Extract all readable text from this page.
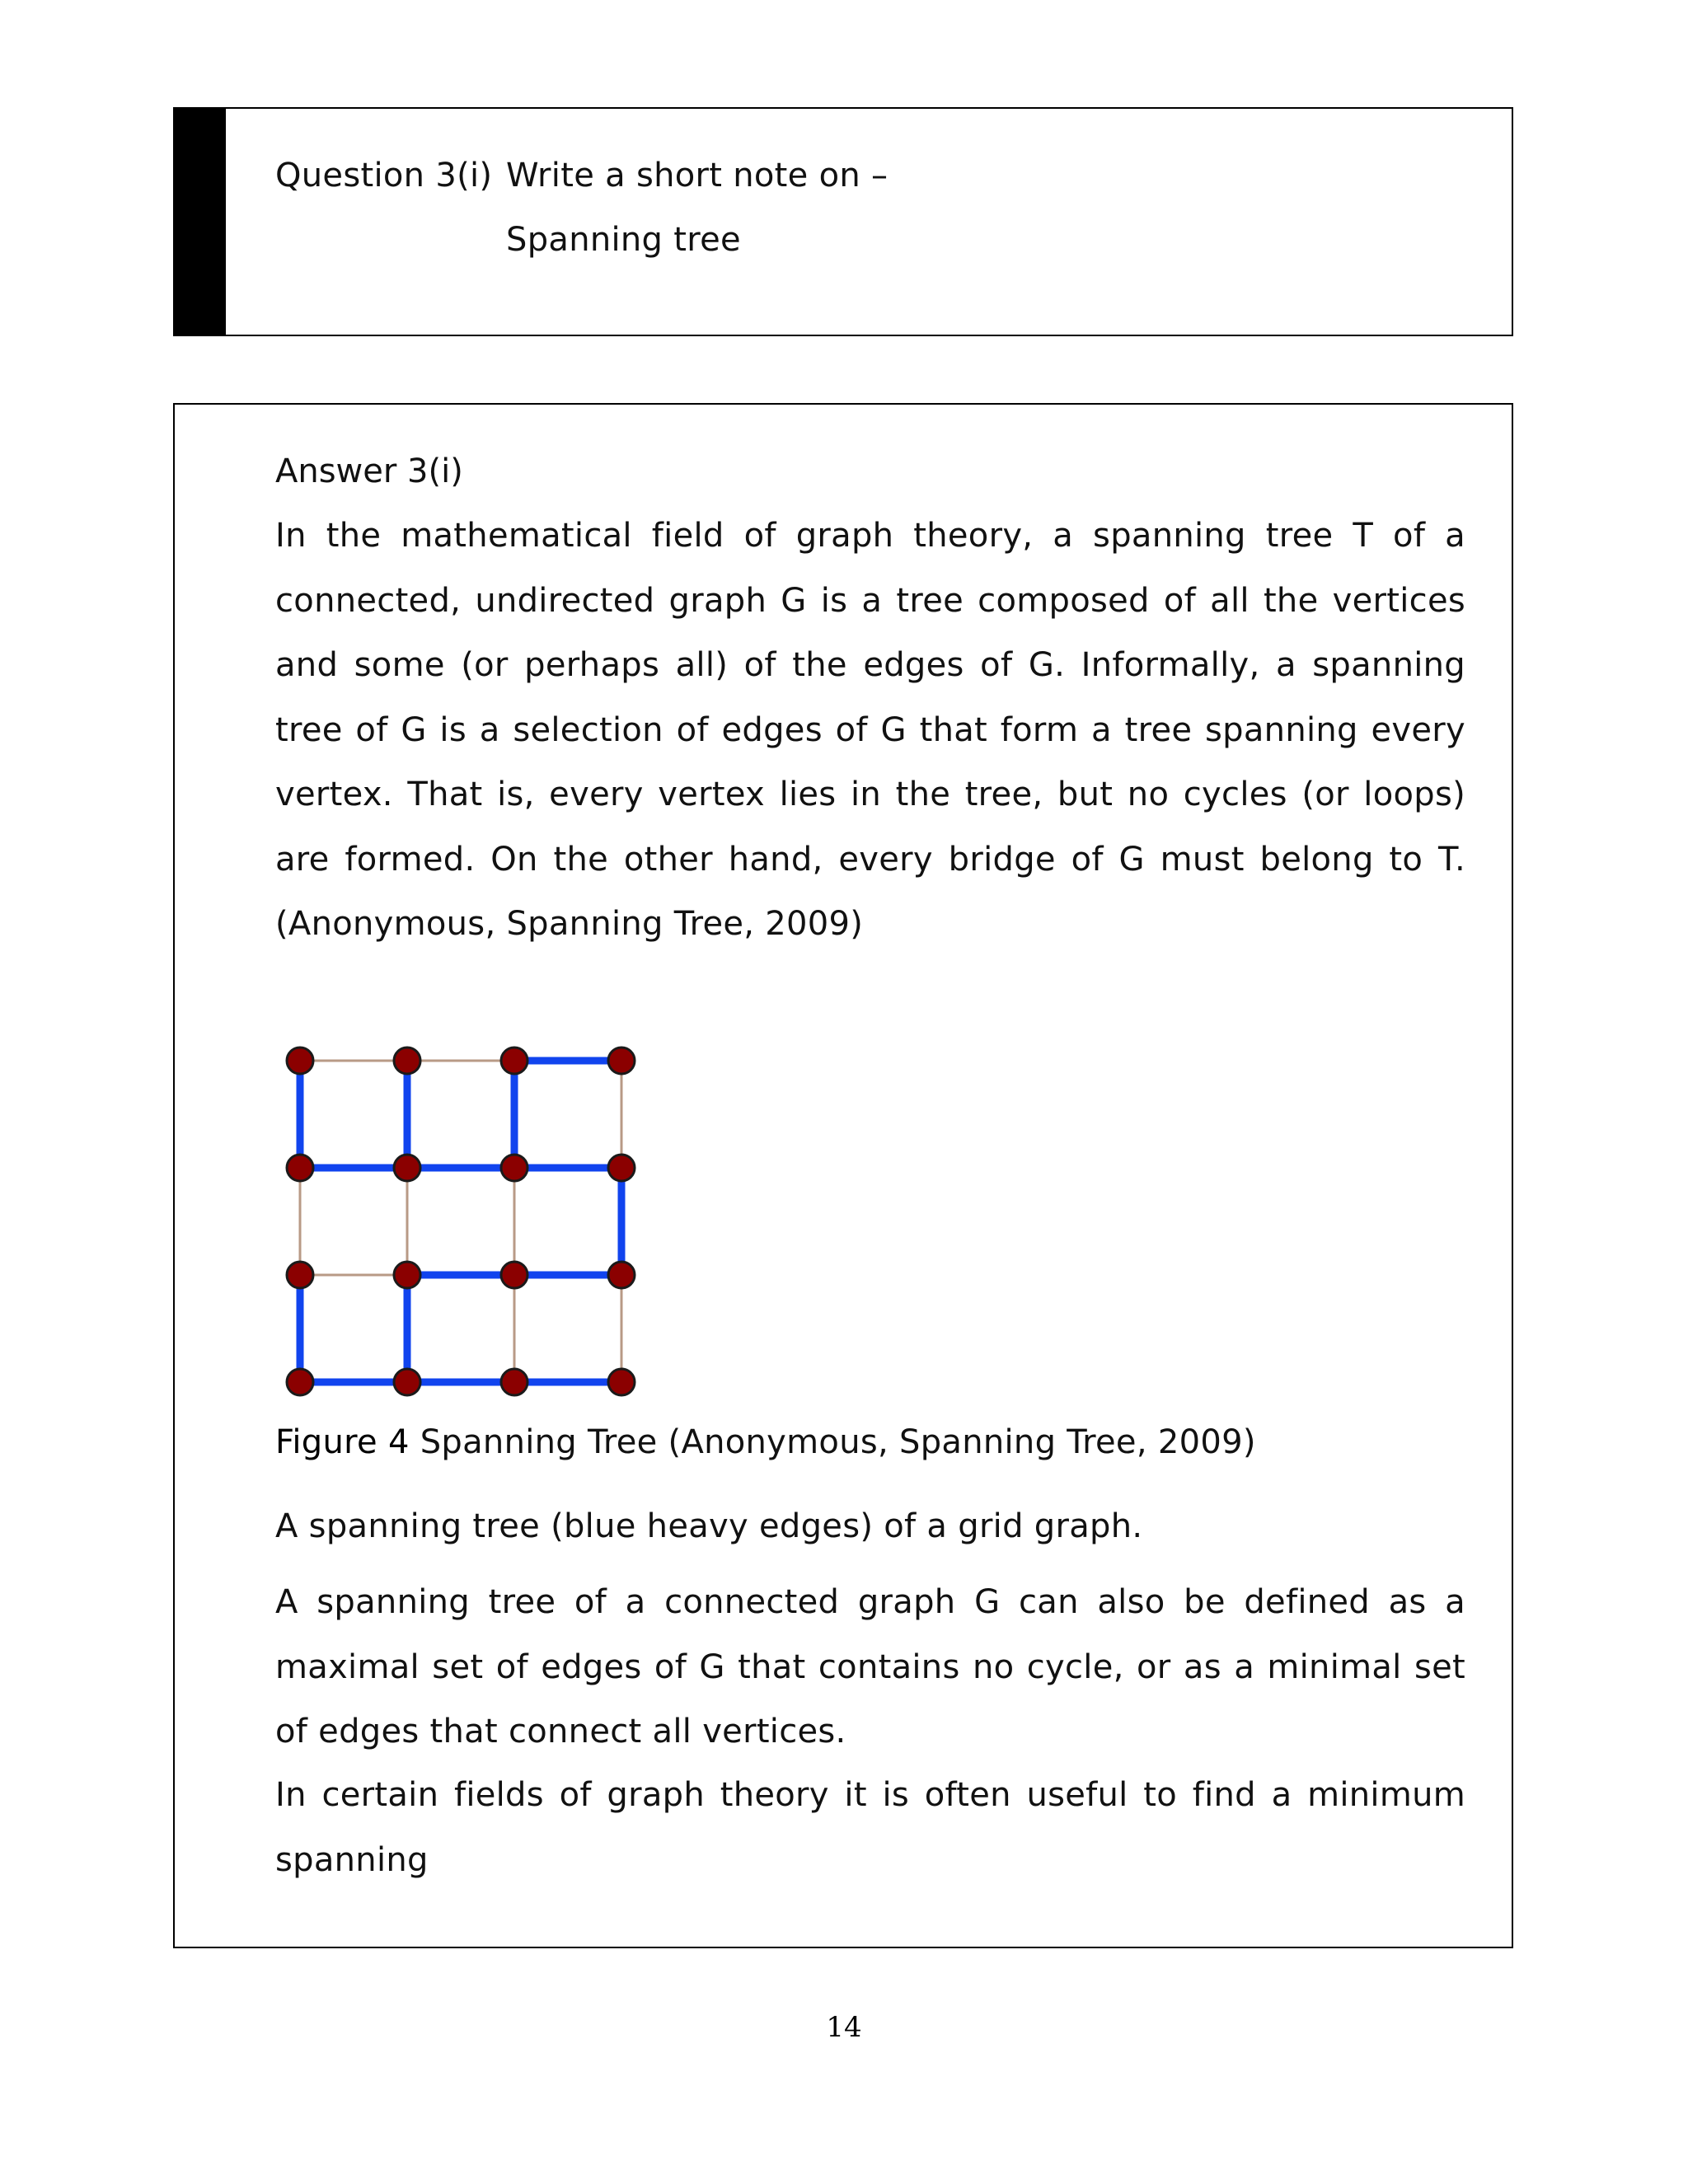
Question 3(i) Write a short note on –
Spanning tree
Answer 3(i)

In the mathematical field of graph theory, a spanning tree T of a connected, undirected graph G is a tree composed of all the vertices and some (or perhaps all) of the edges of G. Informally, a spanning tree of G is a selection of edges of G that form a tree spanning every vertex. That is, every vertex lies in the tree, but no cycles (or loops) are formed. On the other hand, every bridge of G must belong to T. (Anonymous, Spanning Tree, 2009)

Figure 4 Spanning Tree (Anonymous, Spanning Tree, 2009)
A spanning tree (blue heavy edges) of a grid graph.

A spanning tree of a connected graph G can also be defined as a maximal set of edges of G that contains no cycle, or as a minimal set of edges that connect all vertices.

In certain fields of graph theory it is often useful to find a minimum spanning

14
